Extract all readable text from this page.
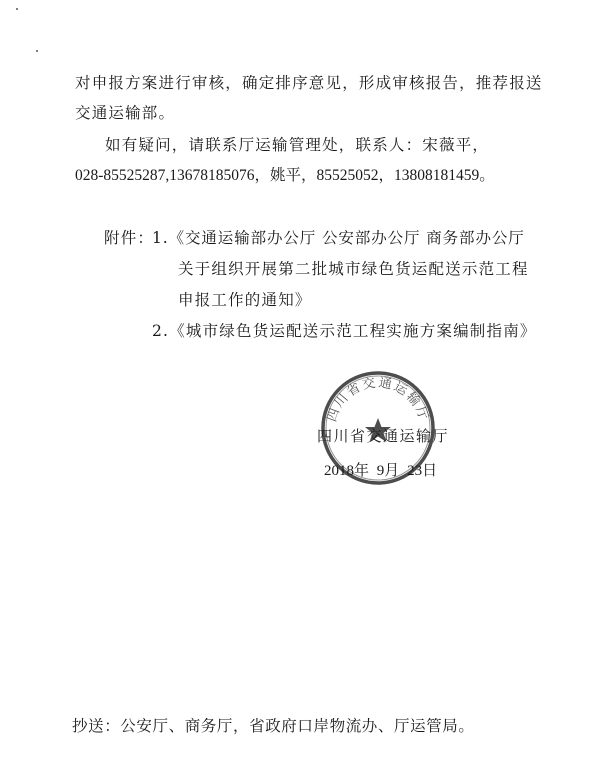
对申报方案进行审核，确定排序意见，形成审核报告，推荐报送
交通运输部。
如有疑问，请联系厅运输管理处，联系人：宋薇平，
028-85525287,13678185076，姚平，85525052，13808181459。
附件：
1.《交通运输部办公厅 公安部办公厅 商务部办公厅
关于组织开展第二批城市绿色货运配送示范工程
申报工作的通知》
2.《城市绿色货运配送示范工程实施方案编制指南》
四川省交通运输厅
四川省交通运输厅
2018年 9月 23日
抄送：公安厅、商务厅，省政府口岸物流办、厅运管局。
